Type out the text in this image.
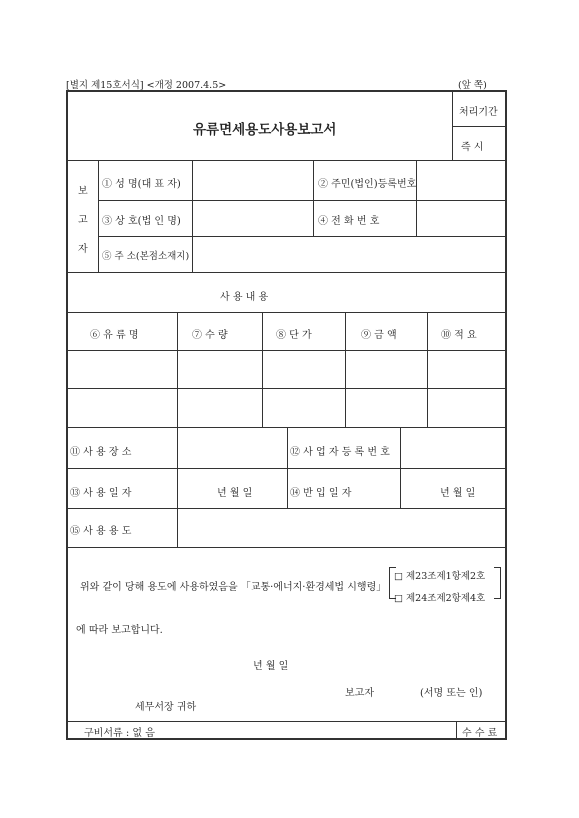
[별지 제15호서식] <개정 2007.4.5>	(앞 쪽)
유류면세용도사용보고서
처리기간
즉 시
보
고
자
① 성 명(대 표 자)	② 주민(법인)등록번호
③ 상 호(법 인 명)	④ 전 화 번 호
⑤ 주 소(본점소재지)
사 용 내 용
⑥ 유 류 명	⑦ 수 량	⑧ 단 가	⑨ 금 액	⑩ 적 요
⑪ 사 용 장 소	⑫ 사 업 자 등 록 번 호
⑬ 사 용 일 자	년 월 일	⑭ 반 입 일 자	년 월 일
⑮ 사 용 용 도
위와 같이 당해 용도에 사용하였음을 「교통·에너지·환경세법 시행령」
□ 제23조제1항제2호
□ 제24조제2항제4호
에 따라 보고합니다.
년 월 일
보고자	(서명 또는 인)
세무서장 귀하
구비서류 : 없 음	수 수 료
